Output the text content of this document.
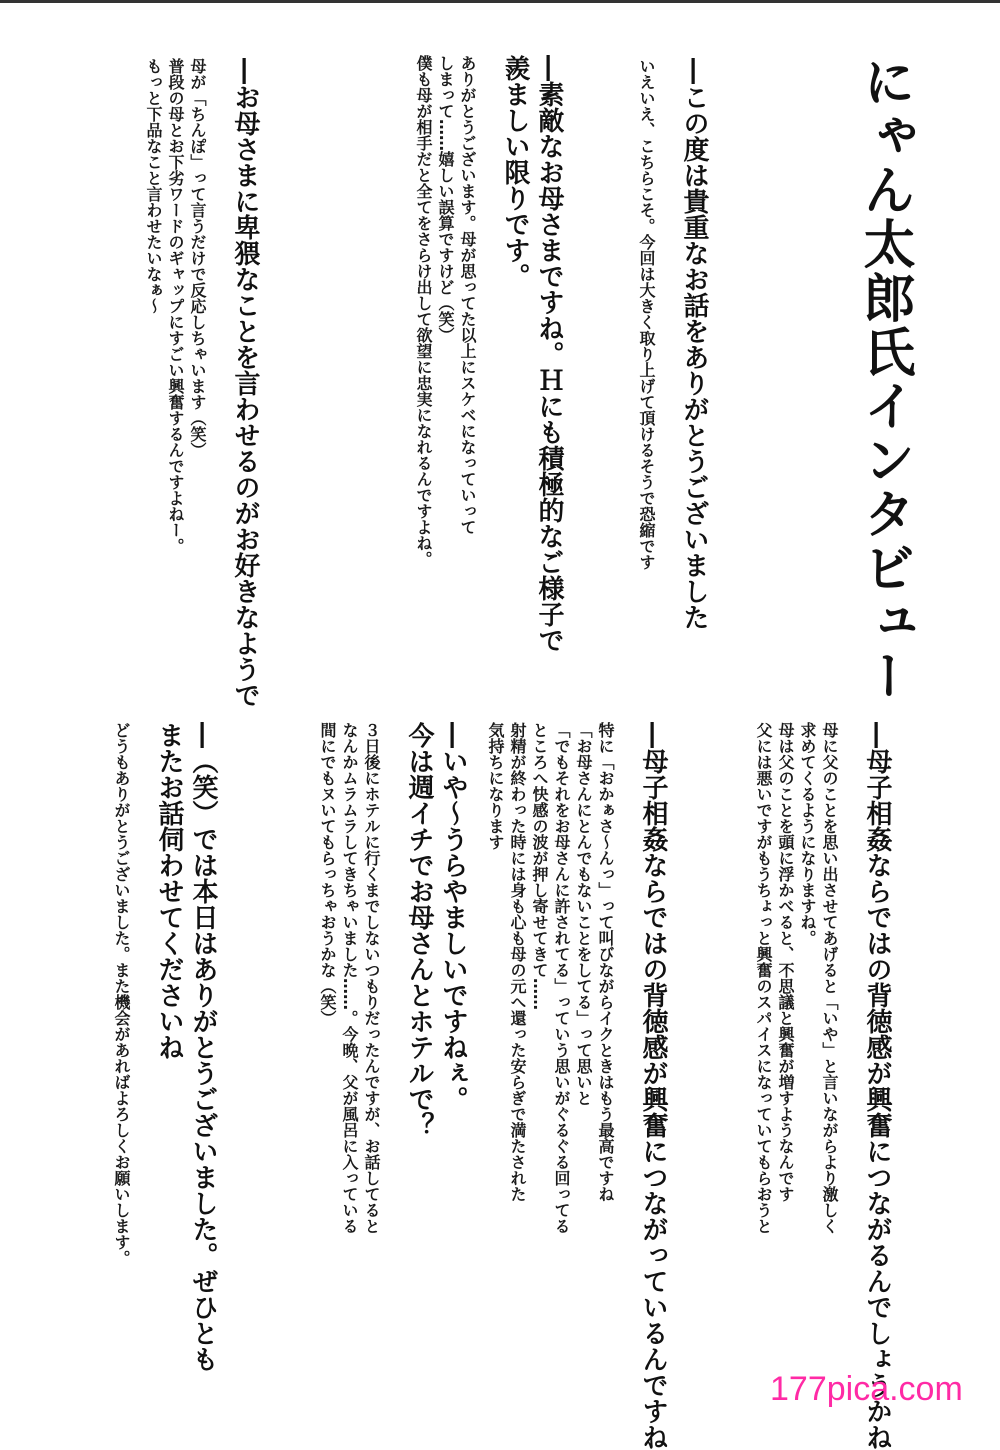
にゃん太郎氏インタビュー
―この度は貴重なお話をありがとうございました
いえいえ、こちらこそ。今回は大きく取り上げて頂けるそうで恐縮です
―素敵なお母さまですね。Ｈにも積極的なご様子で
羨ましい限りです。
ありがとうございます。母が思ってた以上にスケベになっていって
しまって……嬉しい誤算ですけど（笑）
僕も母が相手だと全てをさらけ出して欲望に忠実になれるんですよね。
―お母さまに卑猥なことを言わせるのがお好きなようで
母が「ちんぽ」って言うだけで反応しちゃいます（笑）
普段の母とお下劣ワードのギャップにすごい興奮するんですよねー。
もっと下品なこと言わせたいなぁ〜
―母子相姦ならではの背徳感が興奮につながるんでしょうかね
母に父のことを思い出させてあげると「いや」と言いながらより激しく
求めてくるようになりますね。
母は父のことを頭に浮かべると、不思議と興奮が増すようなんです
父には悪いですがもうちょっと興奮のスパイスになっていてもらおうと
―母子相姦ならではの背徳感が興奮につながっているんですね
特に「おかぁさ〜んっ」って叫びながらイクときはもう最高ですね
「お母さんにとんでもないことをしてる」って思いと
「でもそれをお母さんに許されてる」っていう思いがぐるぐる回ってる
ところへ快感の波が押し寄せてきて……
射精が終わった時には身も心も母の元へ還った安らぎで満たされた
気持ちになります
―いや〜うらやましいですねぇ。
今は週イチでお母さんとホテルで？
３日後にホテルに行くまでしないつもりだったんですが、お話してると
なんかムラムラしてきちゃいました……。今晩、父が風呂に入っている
間にでもヌいてもらっちゃおうかな（笑）
―（笑）では本日はありがとうございました。ぜひとも
またお話伺わせてくださいね
どうもありがとうございました。また機会があればよろしくお願いします。
177pica.com
